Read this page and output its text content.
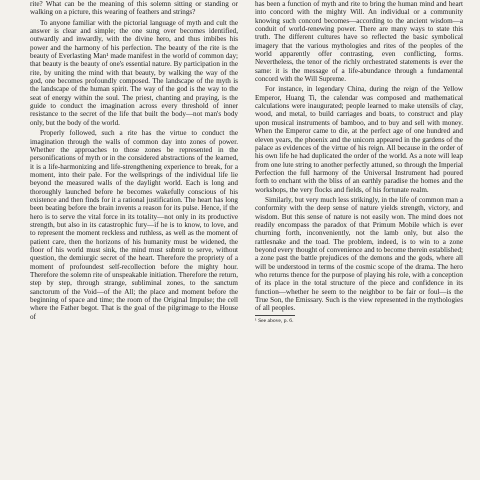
rite? What can be the meaning of this solemn sitting or standing or walking on a picture, this wearing of feathers and strings?

To anyone familiar with the pictorial language of myth and cult the answer is clear and simple; the one sung over becomes identified, outwardly and inwardly, with the divine hero, and thus imbibes his power and the harmony of his perfection. The beauty of the rite is the beauty of Everlasting Man¹ made manifest in the world of common day; that beauty is the beauty of one's essential nature. By participation in the rite, by uniting the mind with that beauty, by walking the way of the god, one becomes profoundly composed. The landscape of the myth is the landscape of the human spirit. The way of the god is the way to the seat of energy within the soul. The priest, chanting and praying, is the guide to conduct the imagination across every threshold of inner resistance to the secret of the life that built the body—not man's body only, but the body of the world.

Properly followed, such a rite has the virtue to conduct the imagination through the walls of common day into zones of power. Whether the approaches to those zones be represented in the personifications of myth or in the considered abstractions of the learned, it is a life-harmonizing and life-strengthening experience to break, for a moment, into their pale. For the wellsprings of the individual life lie beyond the measured walls of the daylight world. Each is long and thoroughly launched before he becomes wakefully conscious of his existence and then finds for it a rational justification. The heart has long been beating before the brain invents a reason for its pulse. Hence, if the hero is to serve the vital force in its totality—not only in its productive strength, but also in its catastrophic fury—if he is to know, to love, and to represent the moment reckless and ruthless, as well as the moment of patient care, then the horizons of his humanity must be widened, the floor of his world must sink, the mind must submit to serve, without question, the demiurgic secret of the heart. Therefore the propriety of a moment of profoundest self-recollection before the mighty hour. Therefore the solemn rite of unspeakable initiation. Therefore the return, step by step, through strange, subliminal zones, to the sanctum sanctorum of the Void—of the All; the place and moment before the beginning of space and time; the room of the Original Impulse; the cell where the Father begot. That is the goal of the pilgrimage to the House of

has been a function of myth and rite to bring the human mind and heart into concord with the mighty Will. An individual or a community knowing such concord becomes—according to the ancient wisdom—a conduit of world-renewing power. There are many ways to state this truth. The different cultures have so reflected the basic symbolical imagery that the various mythologies and rites of the peoples of the world apparently offer contrasting, even conflicting, forms. Nevertheless, the tenor of the richly orchestrated statements is ever the same: it is the message of a life-abundance through a fundamental concord with the Will Supreme.

For instance, in legendary China, during the reign of the Yellow Emperor, Huang Ti, the calendar was composed and mathematical calculations were inaugurated; people learned to make utensils of clay, wood, and metal, to build carriages and boats, to construct and play upon musical instruments of bamboo, and to buy and sell with money. When the Emperor came to die, at the perfect age of one hundred and eleven years, the phoenix and the unicorn appeared in the gardens of the palace as evidences of the virtue of his reign. All because in the order of his own life he had duplicated the order of the world. As a note will leap from one lute string to another perfectly attuned, so through the Imperial Perfection the full harmony of the Universal Instrument had poured forth to enchant with the bliss of an earthly paradise the homes and the workshops, the very flocks and fields, of his fortunate realm.

Similarly, but very much less strikingly, in the life of common man a conformity with the deep sense of nature yields strength, victory, and wisdom. But this sense of nature is not easily won. The mind does not readily encompass the paradox of that Primum Mobile which is ever churning forth, inconveniently, not the lamb only, but also the rattlesnake and the toad. The problem, indeed, is to win to a zone beyond every thought of convenience and to become therein established; a zone past the battle prejudices of the demons and the gods, where all will be understood in terms of the cosmic scope of the drama. The hero who returns thence for the purpose of playing his role, with a conception of its place in the total structure of the piece and confidence in its function—whether he seem to the neighbor to be fair or foul—is the True Son, the Emissary. Such is the view represented in the mythologies of all peoples.

¹ See above, p. 6.
